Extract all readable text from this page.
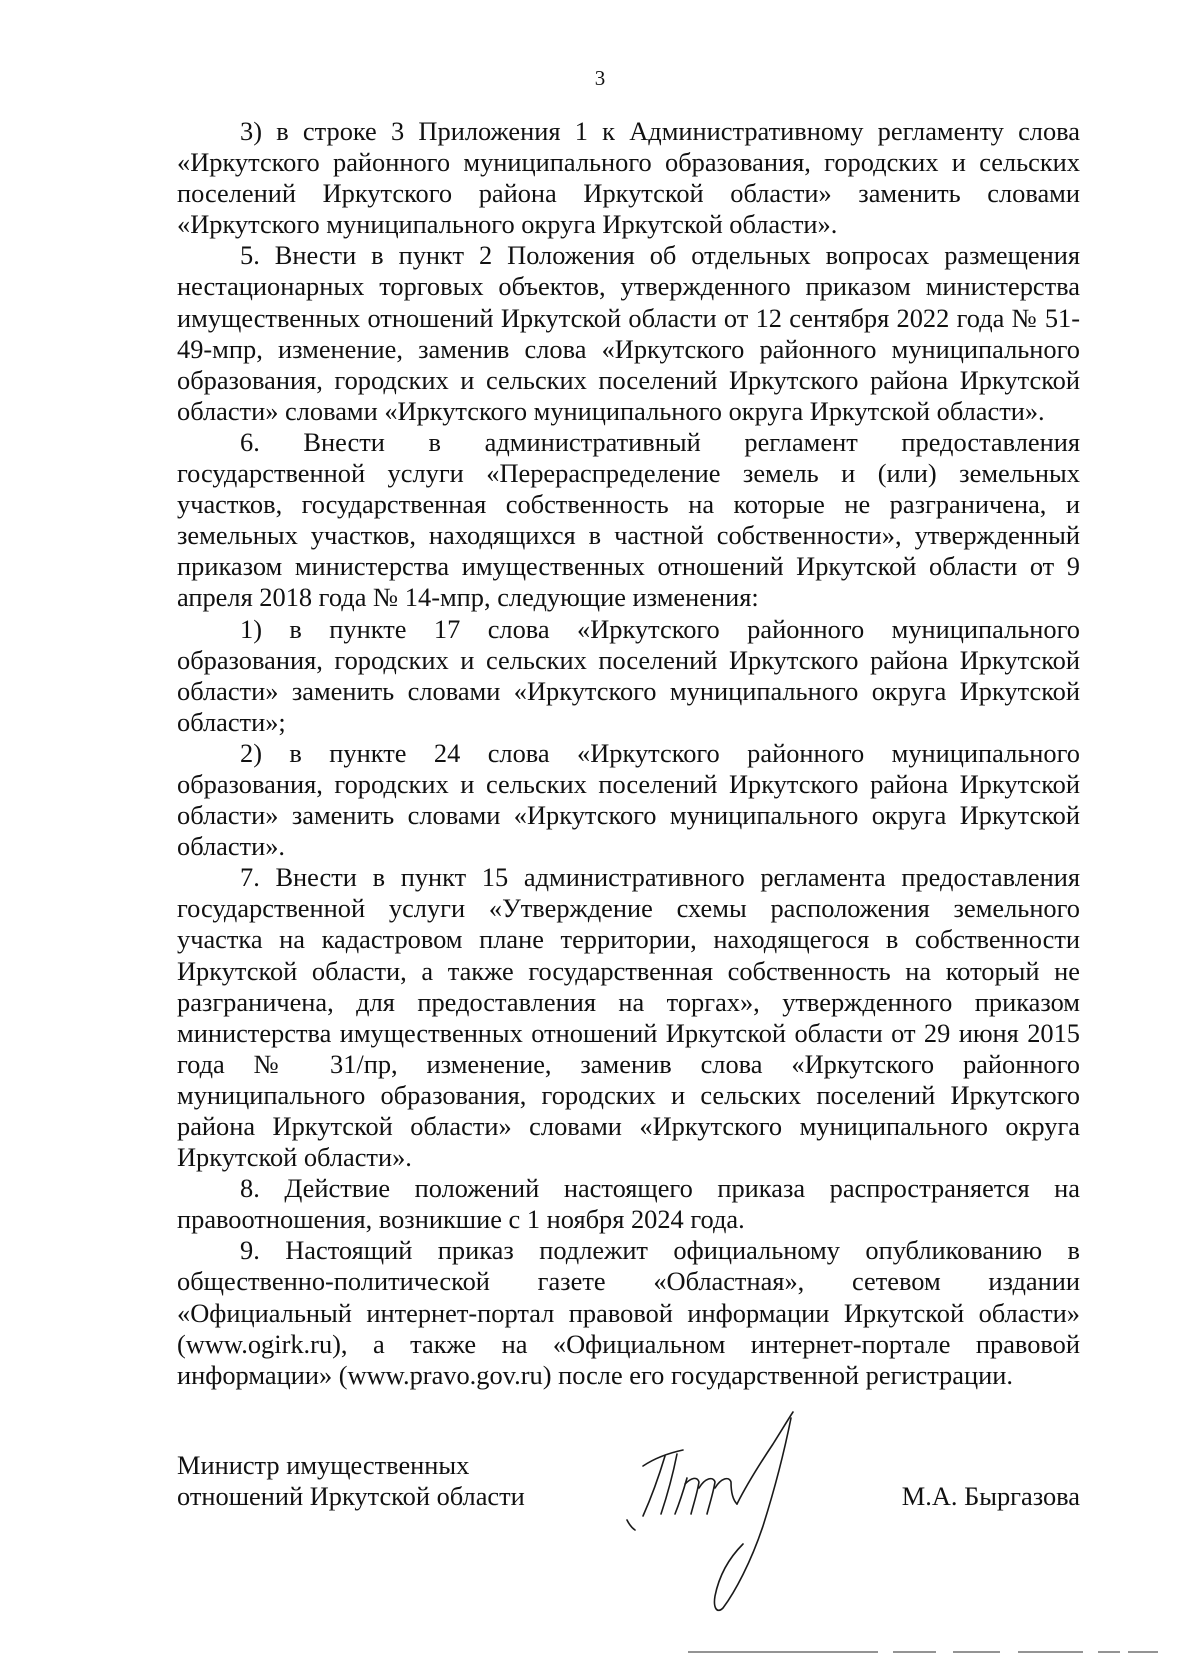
3

3) в строке 3 Приложения 1 к Административному регламенту слова «Иркутского районного муниципального образования, городских и сельских поселений Иркутского района Иркутской области» заменить словами «Иркутского муниципального округа Иркутской области».

5. Внести в пункт 2 Положения об отдельных вопросах размещения нестационарных торговых объектов, утвержденного приказом министерства имущественных отношений Иркутской области от 12 сентября 2022 года № 51-49-мпр, изменение, заменив слова «Иркутского районного муниципального образования, городских и сельских поселений Иркутского района Иркутской области» словами «Иркутского муниципального округа Иркутской области».

6. Внести в административный регламент предоставления государственной услуги «Перераспределение земель и (или) земельных участков, государственная собственность на которые не разграничена, и земельных участков, находящихся в частной собственности», утвержденный приказом министерства имущественных отношений Иркутской области от 9 апреля 2018 года № 14-мпр, следующие изменения:

1) в пункте 17 слова «Иркутского районного муниципального образования, городских и сельских поселений Иркутского района Иркутской области» заменить словами «Иркутского муниципального округа Иркутской области»;

2) в пункте 24 слова «Иркутского районного муниципального образования, городских и сельских поселений Иркутского района Иркутской области» заменить словами «Иркутского муниципального округа Иркутской области».

7. Внести в пункт 15 административного регламента предоставления государственной услуги «Утверждение схемы расположения земельного участка на кадастровом плане территории, находящегося в собственности Иркутской области, а также государственная собственность на который не разграничена, для предоставления на торгах», утвержденного приказом министерства имущественных отношений Иркутской области от 29 июня 2015 года № 31/пр, изменение, заменив слова «Иркутского районного муниципального образования, городских и сельских поселений Иркутского района Иркутской области» словами «Иркутского муниципального округа Иркутской области».

8. Действие положений настоящего приказа распространяется на правоотношения, возникшие с 1 ноября 2024 года.

9. Настоящий приказ подлежит официальному опубликованию в общественно-политической газете «Областная», сетевом издании «Официальный интернет-портал правовой информации Иркутской области» (www.ogirk.ru), а также на «Официальном интернет-портале правовой информации» (www.pravo.gov.ru) после его государственной регистрации.

Министр имущественных
отношений Иркутской области	М.А. Быргазова
